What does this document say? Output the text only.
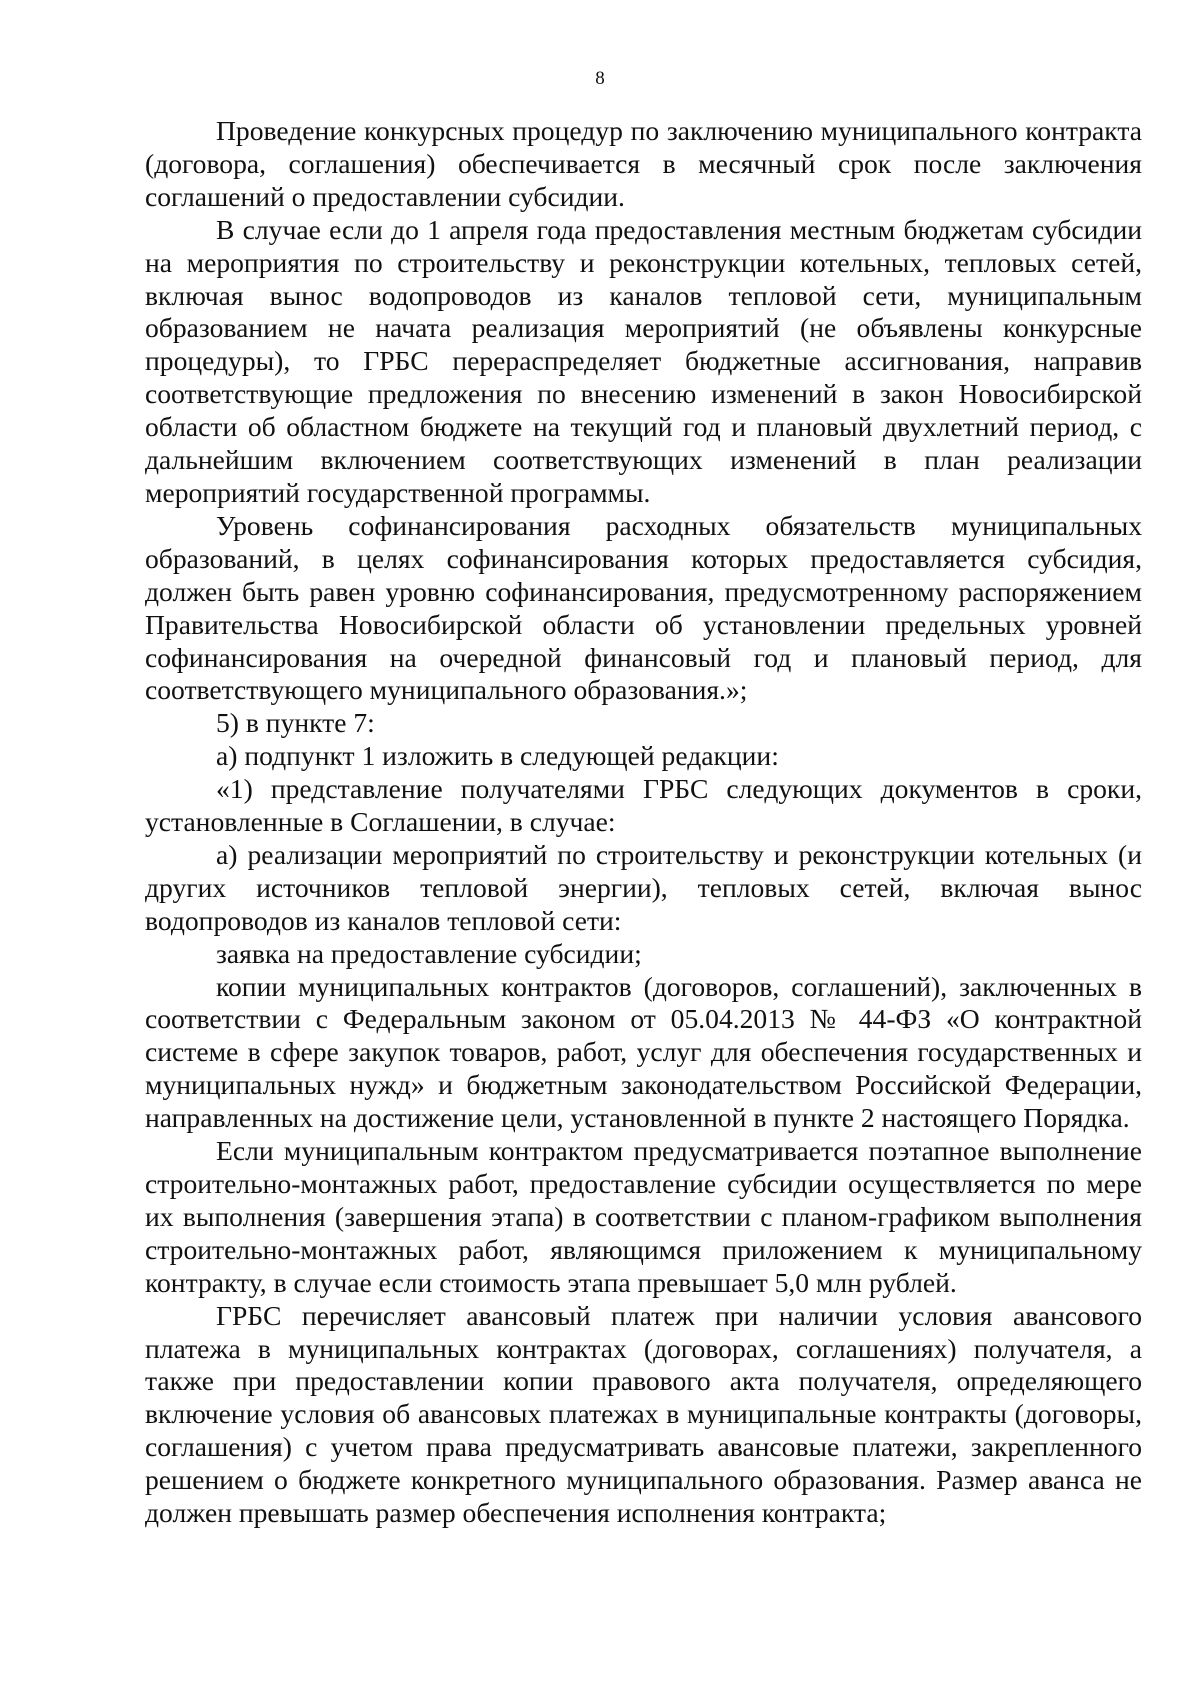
8

Проведение конкурсных процедур по заключению муниципального контракта (договора, соглашения) обеспечивается в месячный срок после заключения соглашений о предоставлении субсидии.

В случае если до 1 апреля года предоставления местным бюджетам субсидии на мероприятия по строительству и реконструкции котельных, тепловых сетей, включая вынос водопроводов из каналов тепловой сети, муниципальным образованием не начата реализация мероприятий (не объявлены конкурсные процедуры), то ГРБС перераспределяет бюджетные ассигнования, направив соответствующие предложения по внесению изменений в закон Новосибирской области об областном бюджете на текущий год и плановый двухлетний период, с дальнейшим включением соответствующих изменений в план реализации мероприятий государственной программы.

Уровень софинансирования расходных обязательств муниципальных образований, в целях софинансирования которых предоставляется субсидия, должен быть равен уровню софинансирования, предусмотренному распоряжением Правительства Новосибирской области об установлении предельных уровней софинансирования на очередной финансовый год и плановый период, для соответствующего муниципального образования.»;

5) в пункте 7:

а) подпункт 1 изложить в следующей редакции:

«1) представление получателями ГРБС следующих документов в сроки, установленные в Соглашении, в случае:

а) реализации мероприятий по строительству и реконструкции котельных (и других источников тепловой энергии), тепловых сетей, включая вынос водопроводов из каналов тепловой сети:

заявка на предоставление субсидии;

копии муниципальных контрактов (договоров, соглашений), заключенных в соответствии с Федеральным законом от 05.04.2013 № 44-ФЗ «О контрактной системе в сфере закупок товаров, работ, услуг для обеспечения государственных и муниципальных нужд» и бюджетным законодательством Российской Федерации, направленных на достижение цели, установленной в пункте 2 настоящего Порядка.

Если муниципальным контрактом предусматривается поэтапное выполнение строительно-монтажных работ, предоставление субсидии осуществляется по мере их выполнения (завершения этапа) в соответствии с планом-графиком выполнения строительно-монтажных работ, являющимся приложением к муниципальному контракту, в случае если стоимость этапа превышает 5,0 млн рублей.

ГРБС перечисляет авансовый платеж при наличии условия авансового платежа в муниципальных контрактах (договорах, соглашениях) получателя, а также при предоставлении копии правового акта получателя, определяющего включение условия об авансовых платежах в муниципальные контракты (договоры, соглашения) с учетом права предусматривать авансовые платежи, закрепленного решением о бюджете конкретного муниципального образования. Размер аванса не должен превышать размер обеспечения исполнения контракта;
